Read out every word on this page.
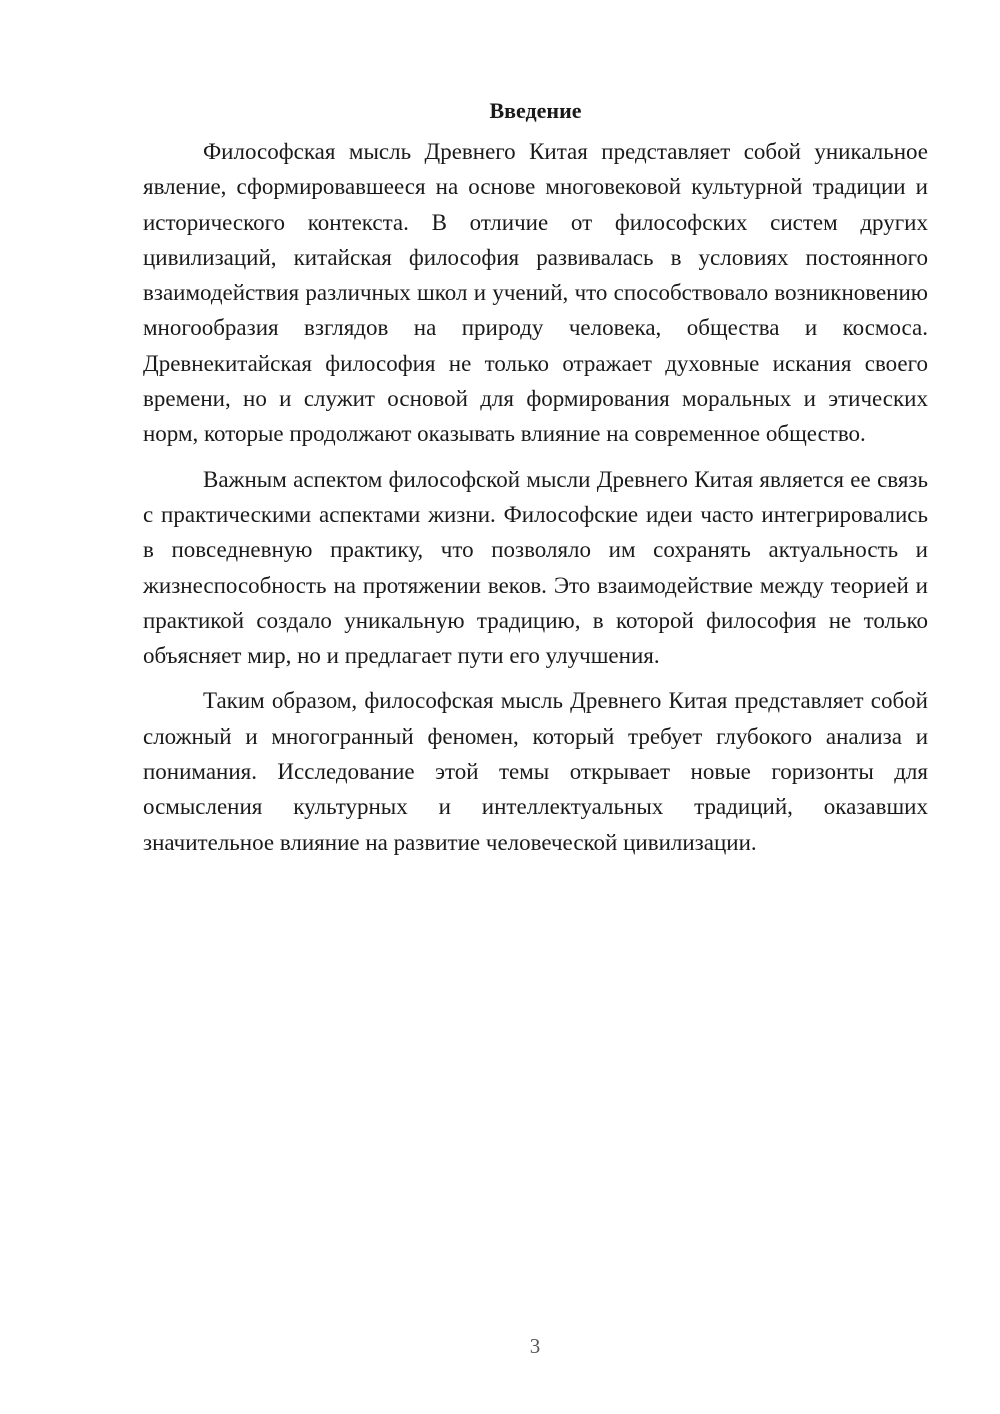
Введение

Философская мысль Древнего Китая представляет собой уникальное явление, сформировавшееся на основе многовековой культурной традиции и исторического контекста. В отличие от философских систем других цивилизаций, китайская философия развивалась в условиях постоянного взаимодействия различных школ и учений, что способствовало возникновению многообразия взглядов на природу человека, общества и космоса. Древнекитайская философия не только отражает духовные искания своего времени, но и служит основой для формирования моральных и этических норм, которые продолжают оказывать влияние на современное общество.

Важным аспектом философской мысли Древнего Китая является ее связь с практическими аспектами жизни. Философские идеи часто интегрировались в повседневную практику, что позволяло им сохранять актуальность и жизнеспособность на протяжении веков. Это взаимодействие между теорией и практикой создало уникальную традицию, в которой философия не только объясняет мир, но и предлагает пути его улучшения.

Таким образом, философская мысль Древнего Китая представляет собой сложный и многогранный феномен, который требует глубокого анализа и понимания. Исследование этой темы открывает новые горизонты для осмысления культурных и интеллектуальных традиций, оказавших значительное влияние на развитие человеческой цивилизации.

3
